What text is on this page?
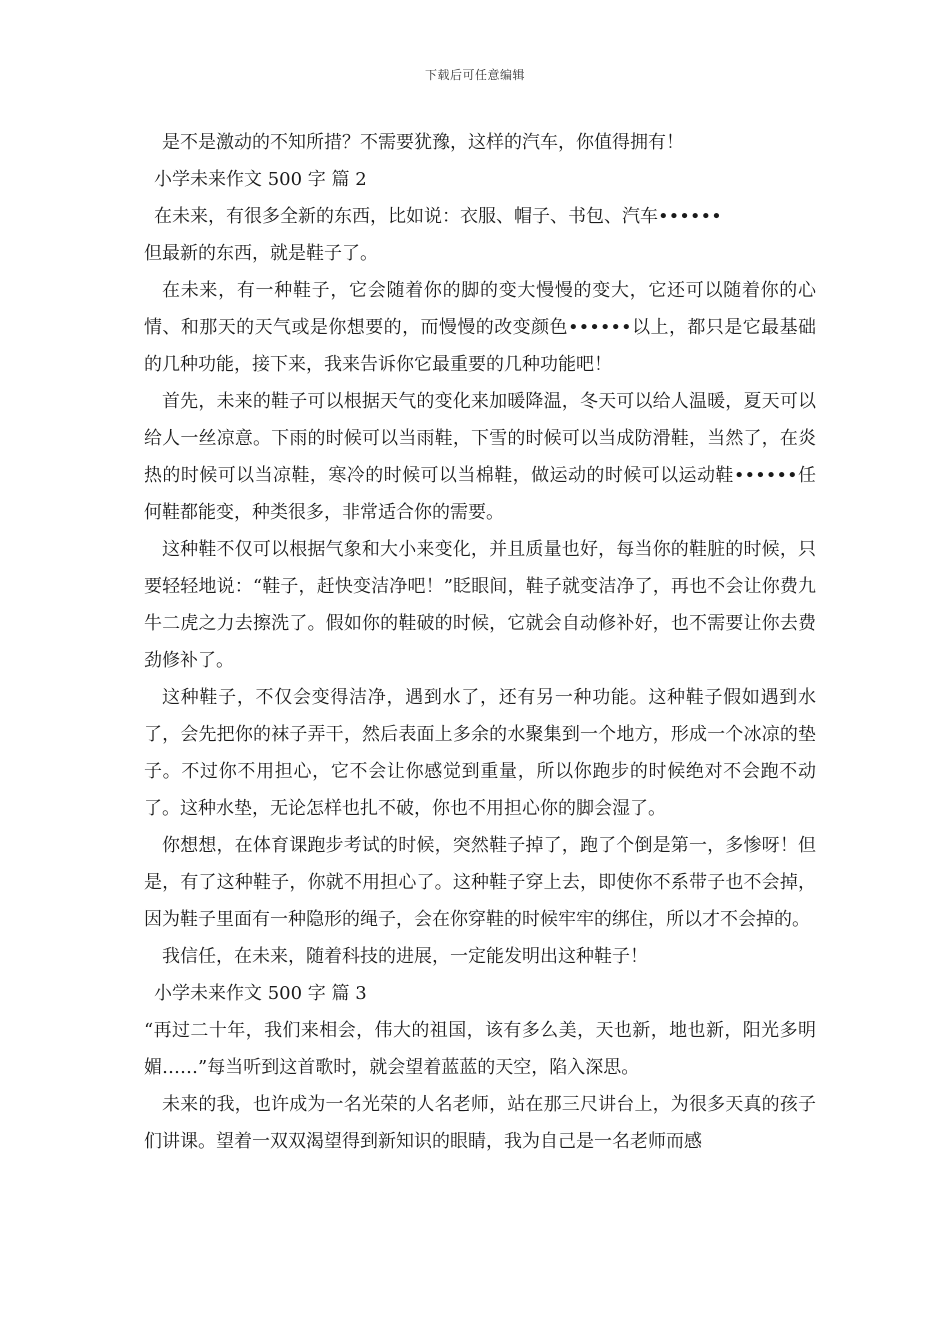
下载后可任意编辑

是不是激动的不知所措？不需要犹豫，这样的汽车，你值得拥有！

小学未来作文 500 字 篇 2

在未来，有很多全新的东西，比如说：衣服、帽子、书包、汽车••••••

但最新的东西，就是鞋子了。

在未来，有一种鞋子，它会随着你的脚的变大慢慢的变大，它还可以随着你的心情、和那天的天气或是你想要的，而慢慢的改变颜色••••••以上，都只是它最基础的几种功能，接下来，我来告诉你它最重要的几种功能吧！

首先，未来的鞋子可以根据天气的变化来加暖降温，冬天可以给人温暖，夏天可以给人一丝凉意。下雨的时候可以当雨鞋，下雪的时候可以当成防滑鞋，当然了，在炎热的时候可以当凉鞋，寒冷的时候可以当棉鞋，做运动的时候可以运动鞋••••••任何鞋都能变，种类很多，非常适合你的需要。

这种鞋不仅可以根据气象和大小来变化，并且质量也好，每当你的鞋脏的时候，只要轻轻地说：“鞋子，赶快变洁净吧！”眨眼间，鞋子就变洁净了，再也不会让你费九牛二虎之力去擦洗了。假如你的鞋破的时候，它就会自动修补好，也不需要让你去费劲修补了。

这种鞋子，不仅会变得洁净，遇到水了，还有另一种功能。这种鞋子假如遇到水了，会先把你的袜子弄干，然后表面上多余的水聚集到一个地方，形成一个冰凉的垫子。不过你不用担心，它不会让你感觉到重量，所以你跑步的时候绝对不会跑不动了。这种水垫，无论怎样也扎不破，你也不用担心你的脚会湿了。

你想想，在体育课跑步考试的时候，突然鞋子掉了，跑了个倒是第一，多惨呀！但是，有了这种鞋子，你就不用担心了。这种鞋子穿上去，即使你不系带子也不会掉，因为鞋子里面有一种隐形的绳子，会在你穿鞋的时候牢牢的绑住，所以才不会掉的。

我信任，在未来，随着科技的进展，一定能发明出这种鞋子！

小学未来作文 500 字 篇 3

“再过二十年，我们来相会，伟大的祖国，该有多么美，天也新，地也新，阳光多明媚……”每当听到这首歌时，就会望着蓝蓝的天空，陷入深思。

未来的我，也许成为一名光荣的人名老师，站在那三尺讲台上，为很多天真的孩子们讲课。望着一双双渴望得到新知识的眼睛，我为自己是一名老师而感
